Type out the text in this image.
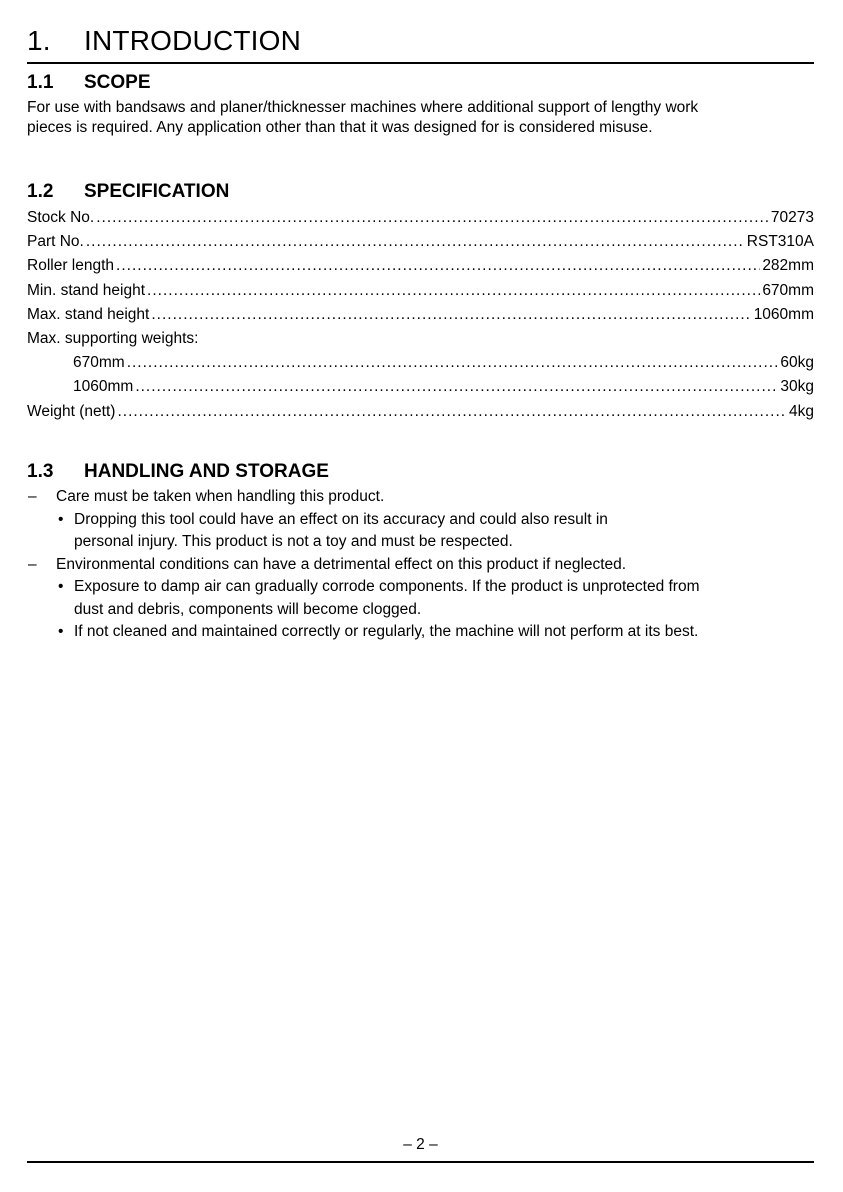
1. INTRODUCTION
1.1 SCOPE
For use with bandsaws and planer/thicknesser machines where additional support of lengthy work
pieces is required. Any application other than that it was designed for is considered misuse.
1.2 SPECIFICATION
Stock No. .....	70273
Part No. .....	RST310A
Roller length .....	282mm
Min. stand height .....	670mm
Max. stand height .....	1060mm
Max. supporting weights:
670mm .....	60kg
1060mm .....	30kg
Weight (nett) .....	4kg
1.3 HANDLING AND STORAGE
– Care must be taken when handling this product.
• Dropping this tool could have an effect on its accuracy and could also result in
personal injury. This product is not a toy and must be respected.
– Environmental conditions can have a detrimental effect on this product if neglected.
• Exposure to damp air can gradually corrode components. If the product is unprotected from
dust and debris, components will become clogged.
• If not cleaned and maintained correctly or regularly, the machine will not perform at its best.
– 2 –
